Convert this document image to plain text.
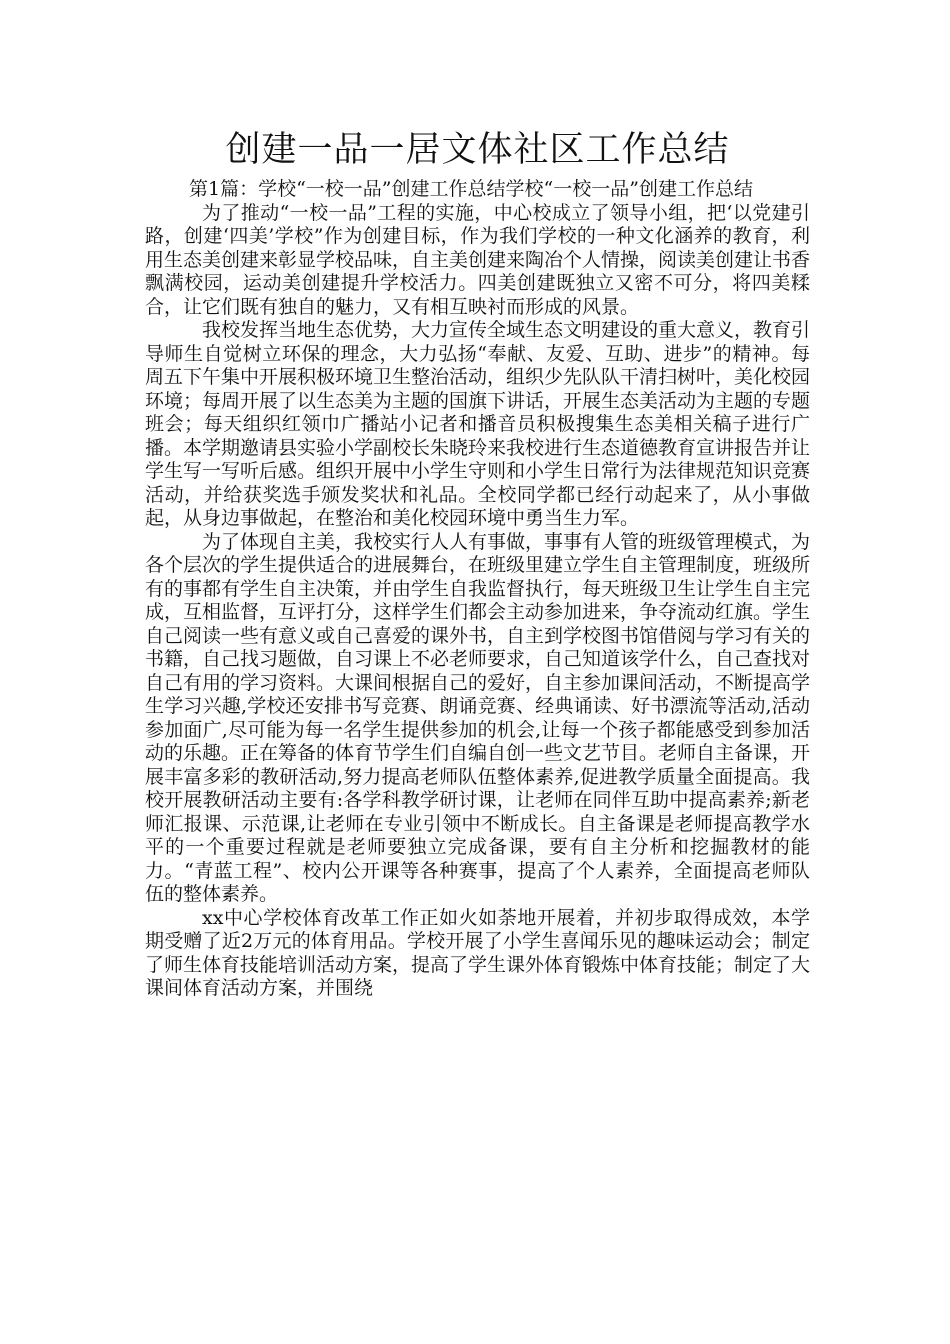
创建一品一居文体社区工作总结

第1篇：学校“一校一品”创建工作总结学校“一校一品”创建工作总结

为了推动“一校一品”工程的实施，中心校成立了领导小组，把‘以党建引路，创建‘四美’学校”作为创建目标，作为我们学校的一种文化涵养的教育，利用生态美创建来彰显学校品味，自主美创建来陶冶个人情操，阅读美创建让书香飘满校园，运动美创建提升学校活力。四美创建既独立又密不可分，将四美糅合，让它们既有独自的魅力，又有相互映衬而形成的风景。

我校发挥当地生态优势，大力宣传全域生态文明建设的重大意义，教育引导师生自觉树立环保的理念，大力弘扬“奉献、友爱、互助、进步”的精神。每周五下午集中开展积极环境卫生整治活动，组织少先队队干清扫树叶，美化校园环境；每周开展了以生态美为主题的国旗下讲话，开展生态美活动为主题的专题班会；每天组织红领巾广播站小记者和播音员积极搜集生态美相关稿子进行广播。本学期邀请县实验小学副校长朱晓玲来我校进行生态道德教育宣讲报告并让学生写一写听后感。组织开展中小学生守则和小学生日常行为法律规范知识竞赛活动，并给获奖选手颁发奖状和礼品。全校同学都已经行动起来了，从小事做起，从身边事做起，在整治和美化校园环境中勇当生力军。

为了体现自主美，我校实行人人有事做，事事有人管的班级管理模式，为各个层次的学生提供适合的进展舞台，在班级里建立学生自主管理制度，班级所有的事都有学生自主决策，并由学生自我监督执行，每天班级卫生让学生自主完成，互相监督，互评打分，这样学生们都会主动参加进来，争夺流动红旗。学生自己阅读一些有意义或自己喜爱的课外书，自主到学校图书馆借阅与学习有关的书籍，自己找习题做，自习课上不必老师要求，自己知道该学什么，自己查找对自己有用的学习资料。大课间根据自己的爱好，自主参加课间活动，不断提高学生学习兴趣,学校还安排书写竞赛、朗诵竞赛、经典诵读、好书漂流等活动,活动参加面广,尽可能为每一名学生提供参加的机会,让每一个孩子都能感受到参加活动的乐趣。正在筹备的体育节学生们自编自创一些文艺节目。老师自主备课，开展丰富多彩的教研活动,努力提高老师队伍整体素养,促进教学质量全面提高。我校开展教研活动主要有:各学科教学研讨课，让老师在同伴互助中提高素养;新老师汇报课、示范课,让老师在专业引领中不断成长。自主备课是老师提高教学水平的一个重要过程就是老师要独立完成备课，要有自主分析和挖掘教材的能力。“青蓝工程”、校内公开课等各种赛事，提高了个人素养，全面提高老师队伍的整体素养。

xx中心学校体育改革工作正如火如荼地开展着，并初步取得成效，本学期受赠了近2万元的体育用品。学校开展了小学生喜闻乐见的趣味运动会；制定了师生体育技能培训活动方案，提高了学生课外体育锻炼中体育技能；制定了大课间体育活动方案，并围绕
